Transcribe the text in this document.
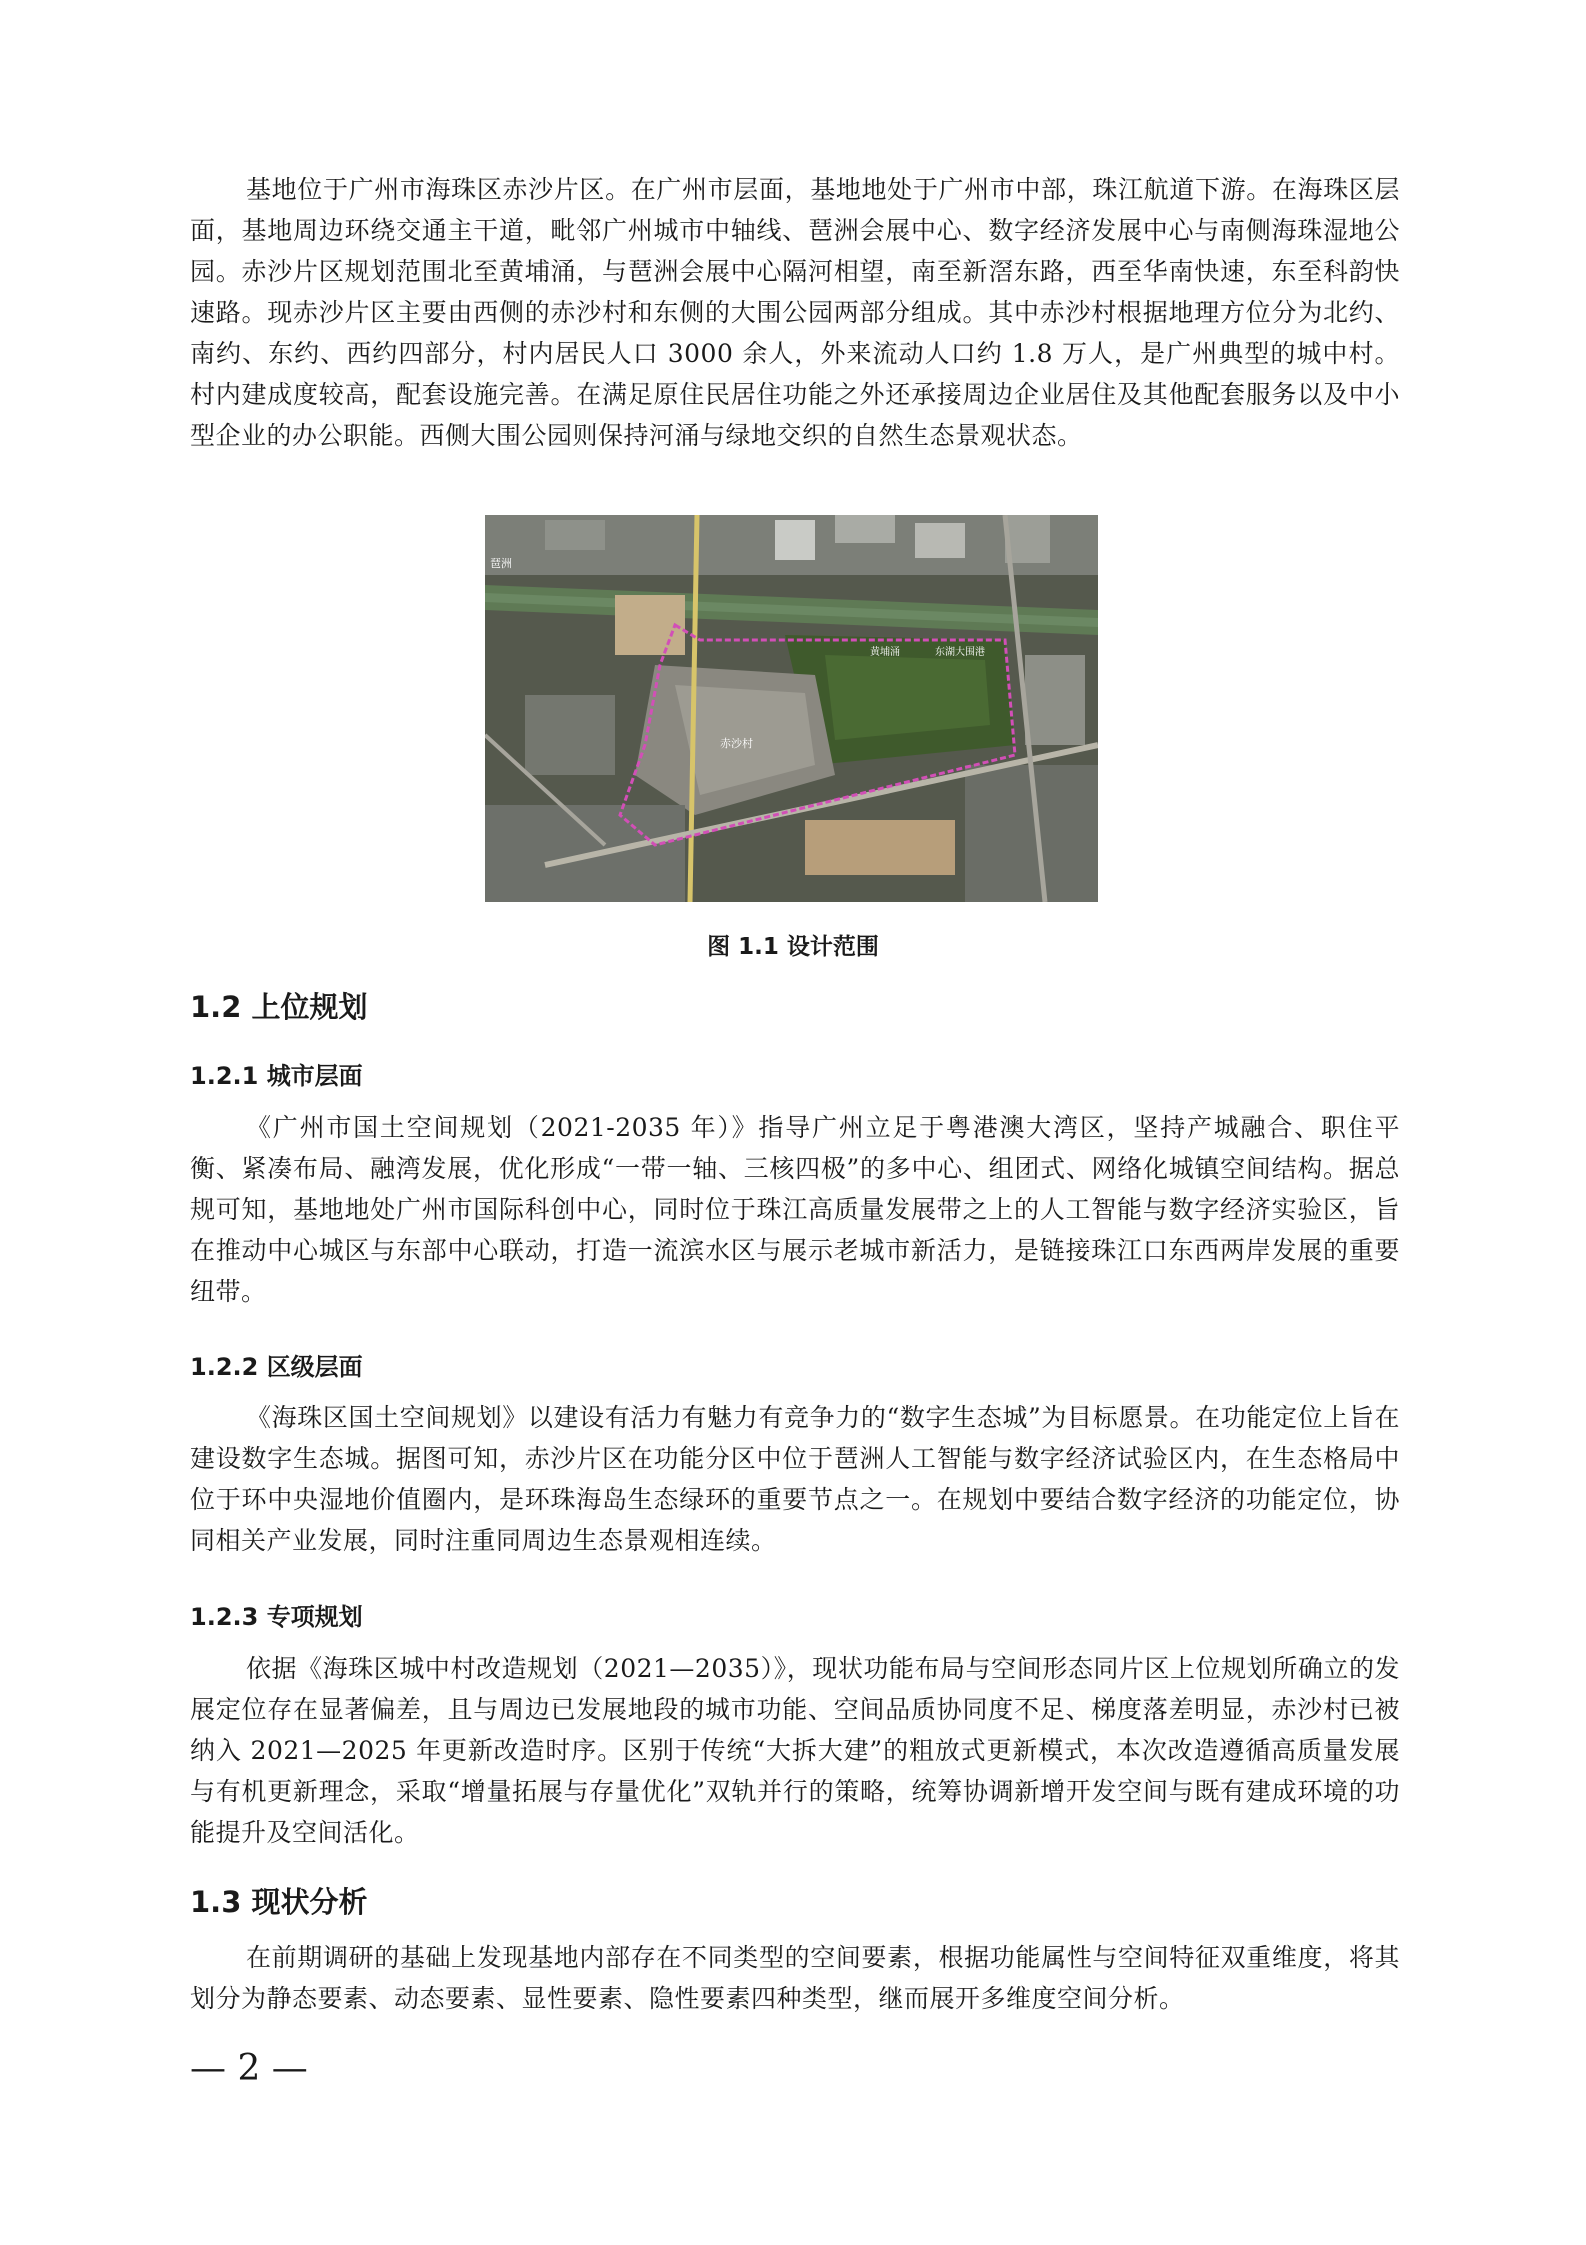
基地位于广州市海珠区赤沙片区。在广州市层面，基地地处于广州市中部，珠江航道下游。在海珠区层面，基地周边环绕交通主干道，毗邻广州城市中轴线、琶洲会展中心、数字经济发展中心与南侧海珠湿地公园。赤沙片区规划范围北至黄埔涌，与琶洲会展中心隔河相望，南至新滘东路，西至华南快速，东至科韵快速路。现赤沙片区主要由西侧的赤沙村和东侧的大围公园两部分组成。其中赤沙村根据地理方位分为北约、南约、东约、西约四部分，村内居民人口 3000 余人，外来流动人口约 1.8 万人，是广州典型的城中村。村内建成度较高，配套设施完善。在满足原住民居住功能之外还承接周边企业居住及其他配套服务以及中小型企业的办公职能。西侧大围公园则保持河涌与绿地交织的自然生态景观状态。

琶洲
黄埔涌	东湖大围港
赤沙村
图 1.1 设计范围
1.2 上位规划
1.2.1 城市层面

《广州市国土空间规划（2021-2035 年）》指导广州立足于粤港澳大湾区，坚持产城融合、职住平衡、紧凑布局、融湾发展，优化形成“一带一轴、三核四极”的多中心、组团式、网络化城镇空间结构。据总规可知，基地地处广州市国际科创中心，同时位于珠江高质量发展带之上的人工智能与数字经济实验区，旨在推动中心城区与东部中心联动，打造一流滨水区与展示老城市新活力，是链接珠江口东西两岸发展的重要纽带。

1.2.2 区级层面

《海珠区国土空间规划》以建设有活力有魅力有竞争力的“数字生态城”为目标愿景。在功能定位上旨在建设数字生态城。据图可知，赤沙片区在功能分区中位于琶洲人工智能与数字经济试验区内，在生态格局中位于环中央湿地价值圈内，是环珠海岛生态绿环的重要节点之一。在规划中要结合数字经济的功能定位，协同相关产业发展，同时注重同周边生态景观相连续。

1.2.3 专项规划

依据《海珠区城中村改造规划（2021—2035）》，现状功能布局与空间形态同片区上位规划所确立的发展定位存在显著偏差，且与周边已发展地段的城市功能、空间品质协同度不足、梯度落差明显，赤沙村已被纳入 2021—2025 年更新改造时序。区别于传统“大拆大建”的粗放式更新模式，本次改造遵循高质量发展与有机更新理念，采取“增量拓展与存量优化”双轨并行的策略，统筹协调新增开发空间与既有建成环境的功能提升及空间活化。

1.3 现状分析

在前期调研的基础上发现基地内部存在不同类型的空间要素，根据功能属性与空间特征双重维度，将其划分为静态要素、动态要素、显性要素、隐性要素四种类型，继而展开多维度空间分析。

— 2 —
